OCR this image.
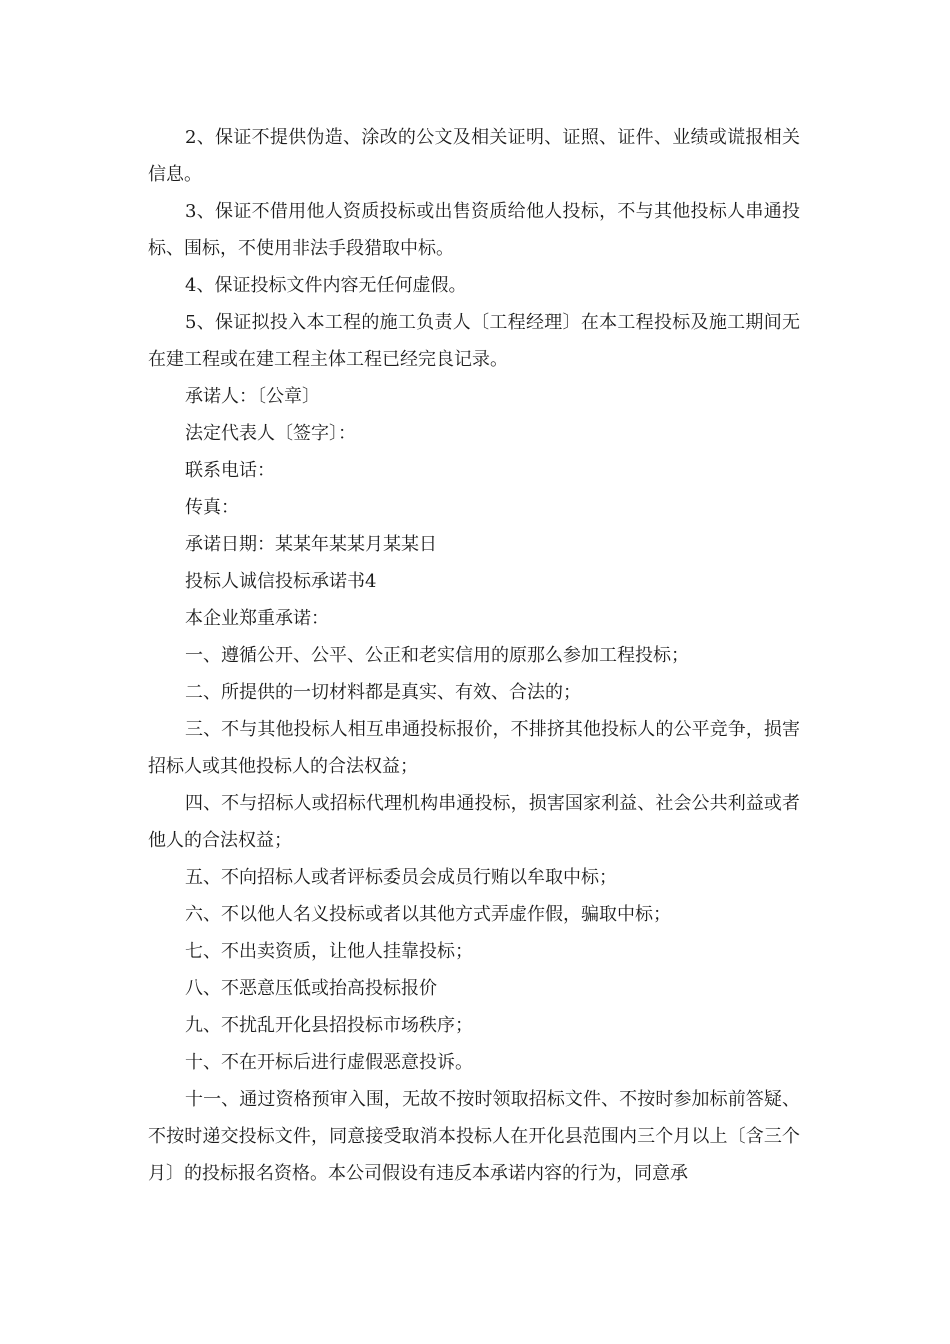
2、保证不提供伪造、涂改的公文及相关证明、证照、证件、业绩或谎报相关信息。

3、保证不借用他人资质投标或出售资质给他人投标，不与其他投标人串通投标、围标，不使用非法手段猎取中标。

4、保证投标文件内容无任何虚假。

5、保证拟投入本工程的施工负责人〔工程经理〕在本工程投标及施工期间无在建工程或在建工程主体工程已经完良记录。

承诺人：〔公章〕

法定代表人〔签字〕：

联系电话：

传真：

承诺日期：某某年某某月某某日

投标人诚信投标承诺书4

本企业郑重承诺：

一、遵循公开、公平、公正和老实信用的原那么参加工程投标；

二、所提供的一切材料都是真实、有效、合法的；

三、不与其他投标人相互串通投标报价，不排挤其他投标人的公平竞争，损害招标人或其他投标人的合法权益；

四、不与招标人或招标代理机构串通投标，损害国家利益、社会公共利益或者他人的合法权益；

五、不向招标人或者评标委员会成员行贿以牟取中标；

六、不以他人名义投标或者以其他方式弄虚作假，骗取中标；

七、不出卖资质，让他人挂靠投标；

八、不恶意压低或抬高投标报价

九、不扰乱开化县招投标市场秩序；

十、不在开标后进行虚假恶意投诉。

十一、通过资格预审入围，无故不按时领取招标文件、不按时参加标前答疑、不按时递交投标文件，同意接受取消本投标人在开化县范围内三个月以上〔含三个月〕的投标报名资格。本公司假设有违反本承诺内容的行为，同意承
